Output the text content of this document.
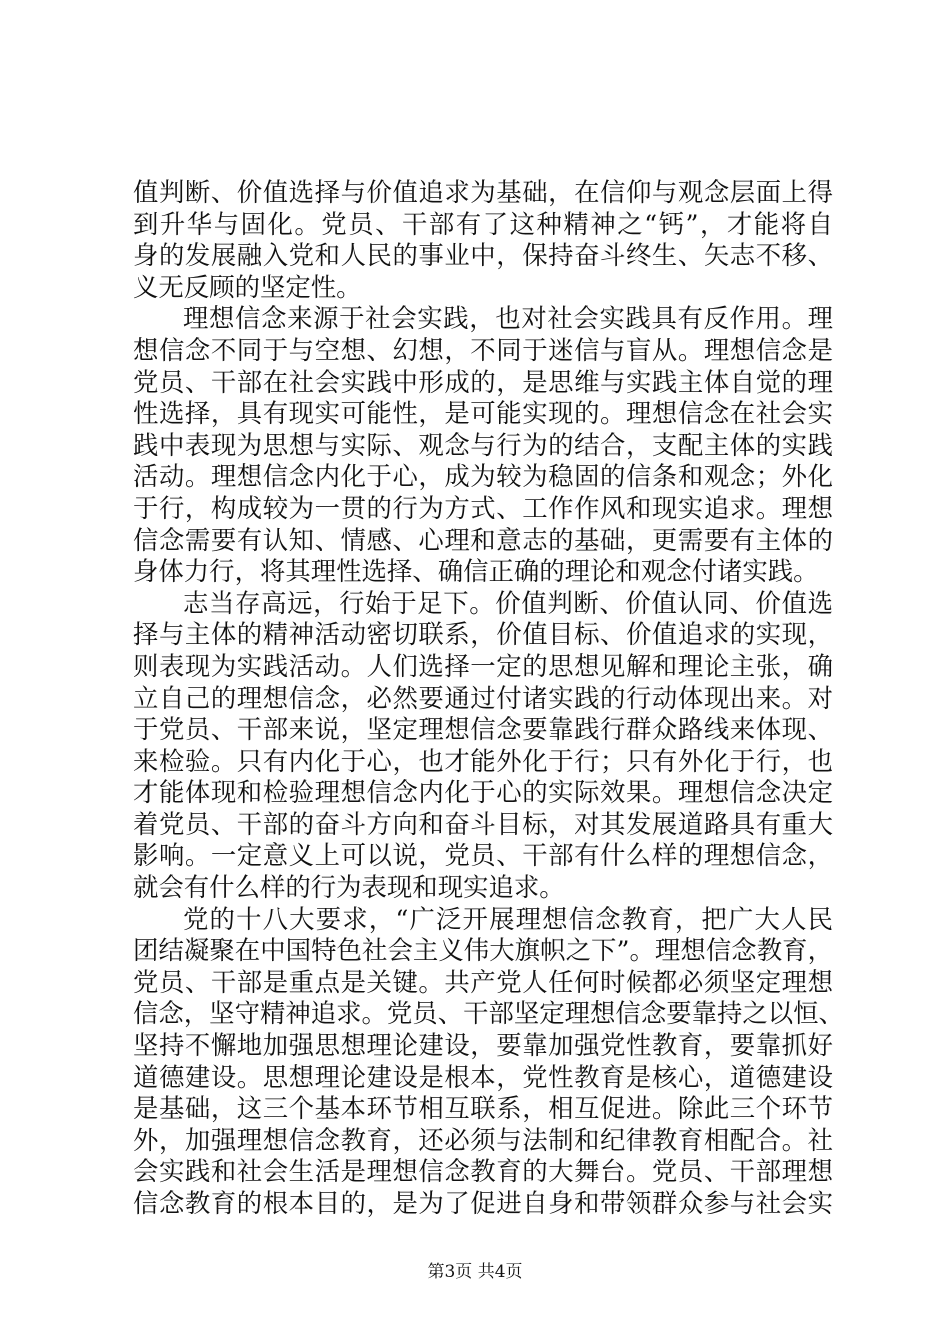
值判断、价值选择与价值追求为基础，在信仰与观念层面上得
到升华与固化。党员、干部有了这种精神之“钙”，才能将自
身的发展融入党和人民的事业中，保持奋斗终生、矢志不移、
义无反顾的坚定性。
理想信念来源于社会实践，也对社会实践具有反作用。理
想信念不同于与空想、幻想，不同于迷信与盲从。理想信念是
党员、干部在社会实践中形成的，是思维与实践主体自觉的理
性选择，具有现实可能性，是可能实现的。理想信念在社会实
践中表现为思想与实际、观念与行为的结合，支配主体的实践
活动。理想信念内化于心，成为较为稳固的信条和观念；外化
于行，构成较为一贯的行为方式、工作作风和现实追求。理想
信念需要有认知、情感、心理和意志的基础，更需要有主体的
身体力行，将其理性选择、确信正确的理论和观念付诸实践。
志当存高远，行始于足下。价值判断、价值认同、价值选
择与主体的精神活动密切联系，价值目标、价值追求的实现，
则表现为实践活动。人们选择一定的思想见解和理论主张，确
立自己的理想信念，必然要通过付诸实践的行动体现出来。对
于党员、干部来说，坚定理想信念要靠践行群众路线来体现、
来检验。只有内化于心，也才能外化于行；只有外化于行，也
才能体现和检验理想信念内化于心的实际效果。理想信念决定
着党员、干部的奋斗方向和奋斗目标，对其发展道路具有重大
影响。一定意义上可以说，党员、干部有什么样的理想信念，
就会有什么样的行为表现和现实追求。
党的十八大要求，“广泛开展理想信念教育，把广大人民
团结凝聚在中国特色社会主义伟大旗帜之下”。理想信念教育，
党员、干部是重点是关键。共产党人任何时候都必须坚定理想
信念，坚守精神追求。党员、干部坚定理想信念要靠持之以恒、
坚持不懈地加强思想理论建设，要靠加强党性教育，要靠抓好
道德建设。思想理论建设是根本，党性教育是核心，道德建设
是基础，这三个基本环节相互联系，相互促进。除此三个环节
外，加强理想信念教育，还必须与法制和纪律教育相配合。社
会实践和社会生活是理想信念教育的大舞台。党员、干部理想
信念教育的根本目的，是为了促进自身和带领群众参与社会实
第3页 共4页
